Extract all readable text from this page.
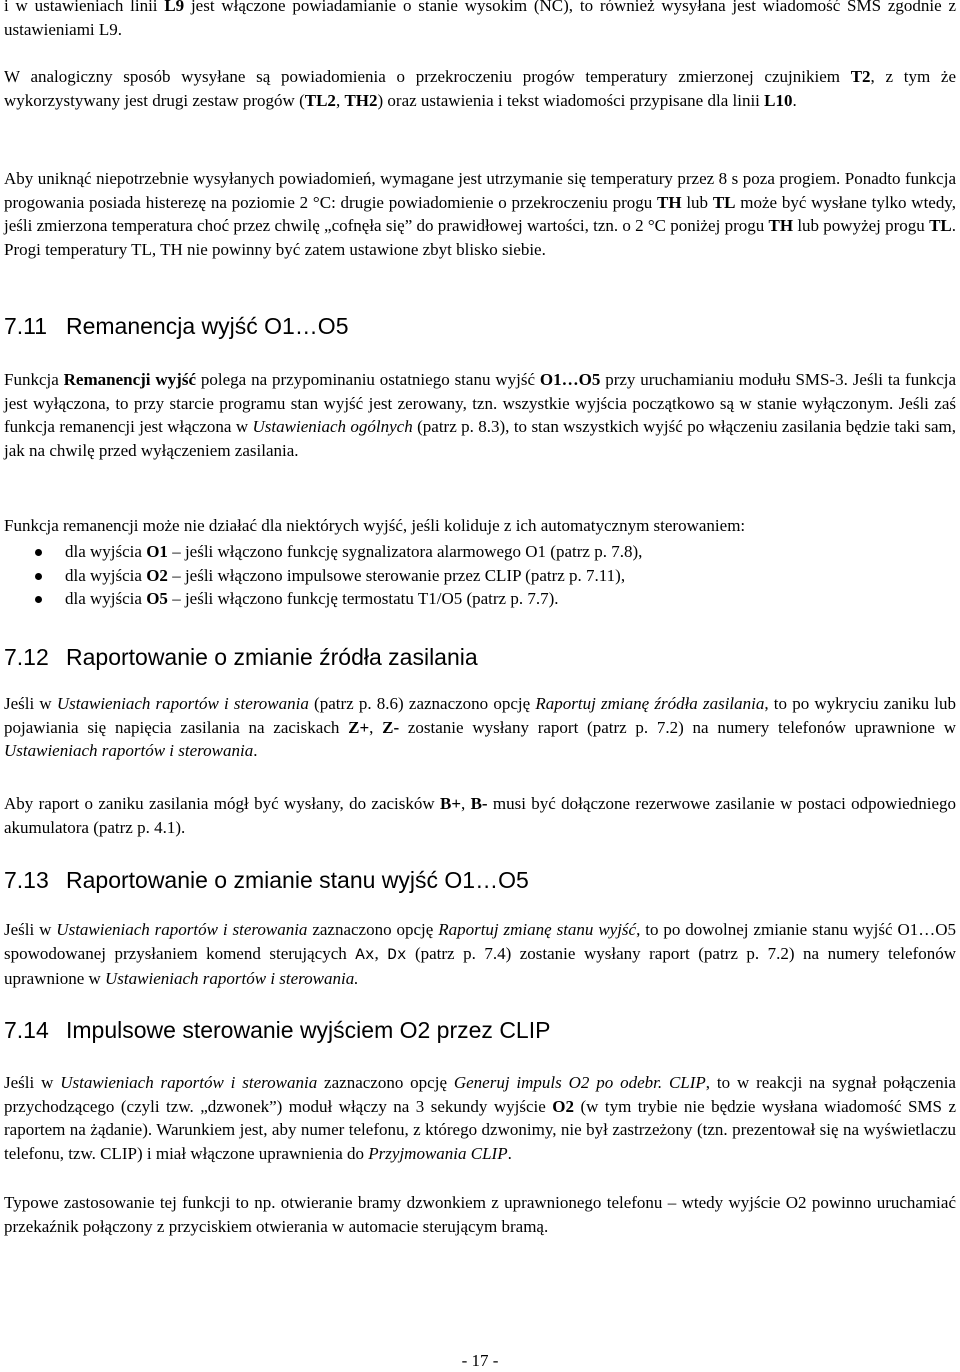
i w ustawieniach linii L9 jest włączone powiadamianie o stanie wysokim (NC), to również wysyłana jest wiadomość SMS zgodnie z ustawieniami L9.

W analogiczny sposób wysyłane są powiadomienia o przekroczeniu progów temperatury zmierzonej czujnikiem T2, z tym że wykorzystywany jest drugi zestaw progów (TL2, TH2) oraz ustawienia i tekst wiadomości przypisane dla linii L10.

Aby uniknąć niepotrzebnie wysyłanych powiadomień, wymagane jest utrzymanie się temperatury przez 8 s poza progiem. Ponadto funkcja progowania posiada histerezę na poziomie 2 °C: drugie powiadomienie o przekroczeniu progu TH lub TL może być wysłane tylko wtedy, jeśli zmierzona temperatura choć przez chwilę „cofnęła się” do prawidłowej wartości, tzn. o 2 °C poniżej progu TH lub powyżej progu TL. Progi temperatury TL, TH nie powinny być zatem ustawione zbyt blisko siebie.

7.11 Remanencja wyjść O1…O5

Funkcja Remanencji wyjść polega na przypominaniu ostatniego stanu wyjść O1…O5 przy uruchamianiu modułu SMS-3. Jeśli ta funkcja jest wyłączona, to przy starcie programu stan wyjść jest zerowany, tzn. wszystkie wyjścia początkowo są w stanie wyłączonym. Jeśli zaś funkcja remanencji jest włączona w Ustawieniach ogólnych (patrz p. 8.3), to stan wszystkich wyjść po włączeniu zasilania będzie taki sam, jak na chwilę przed wyłączeniem zasilania.

Funkcja remanencji może nie działać dla niektórych wyjść, jeśli koliduje z ich automatycznym sterowaniem:

dla wyjścia O1 – jeśli włączono funkcję sygnalizatora alarmowego O1 (patrz p. 7.8),
dla wyjścia O2 – jeśli włączono impulsowe sterowanie przez CLIP (patrz p. 7.11),
dla wyjścia O5 – jeśli włączono funkcję termostatu T1/O5 (patrz p. 7.7).
7.12 Raportowanie o zmianie źródła zasilania

Jeśli w Ustawieniach raportów i sterowania (patrz p. 8.6) zaznaczono opcję Raportuj zmianę źródła zasilania, to po wykryciu zaniku lub pojawiania się napięcia zasilania na zaciskach Z+, Z- zostanie wysłany raport (patrz p. 7.2) na numery telefonów uprawnione w Ustawieniach raportów i sterowania.

Aby raport o zaniku zasilania mógł być wysłany, do zacisków B+, B- musi być dołączone rezerwowe zasilanie w postaci odpowiedniego akumulatora (patrz p. 4.1).

7.13 Raportowanie o zmianie stanu wyjść O1…O5

Jeśli w Ustawieniach raportów i sterowania zaznaczono opcję Raportuj zmianę stanu wyjść, to po dowolnej zmianie stanu wyjść O1…O5 spowodowanej przysłaniem komend sterujących Ax, Dx (patrz p. 7.4) zostanie wysłany raport (patrz p. 7.2) na numery telefonów uprawnione w Ustawieniach raportów i sterowania.

7.14 Impulsowe sterowanie wyjściem O2 przez CLIP

Jeśli w Ustawieniach raportów i sterowania zaznaczono opcję Generuj impuls O2 po odebr. CLIP, to w reakcji na sygnał połączenia przychodzącego (czyli tzw. „dzwonek”) moduł włączy na 3 sekundy wyjście O2 (w tym trybie nie będzie wysłana wiadomość SMS z raportem na żądanie). Warunkiem jest, aby numer telefonu, z którego dzwonimy, nie był zastrzeżony (tzn. prezentował się na wyświetlaczu telefonu, tzw. CLIP) i miał włączone uprawnienia do Przyjmowania CLIP.

Typowe zastosowanie tej funkcji to np. otwieranie bramy dzwonkiem z uprawnionego telefonu – wtedy wyjście O2 powinno uruchamiać przekaźnik połączony z przyciskiem otwierania w automacie sterującym bramą.

- 17 -
